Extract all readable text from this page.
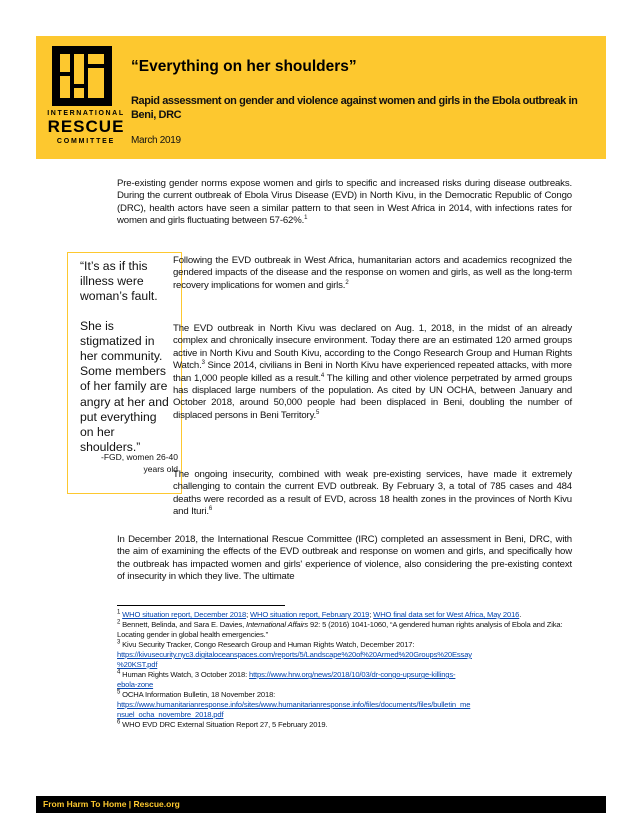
INTERNATIONAL
RESCUE
COMMITTEE
“Everything on her shoulders”
Rapid assessment on gender and violence against women and girls in the Ebola outbreak in Beni, DRC
March 2019

Pre-existing gender norms expose women and girls to specific and increased risks during disease outbreaks. During the current outbreak of Ebola Virus Disease (EVD) in North Kivu, in the Democratic Republic of Congo (DRC), health actors have seen a similar pattern to that seen in West Africa in 2014, with infections rates for women and girls fluctuating between 57-62%.$^1$

“It’s as if this
illness were
woman’s fault.
She is
stigmatized in
her community.
Some members
of her family are
angry at her and
put everything
on her
shoulders.”
-FGD, women 26-40
years old

Following the EVD outbreak in West Africa, humanitarian actors and academics recognized the gendered impacts of the disease and the response on women and girls, as well as the long-term recovery implications for women and girls.$^2$

The EVD outbreak in North Kivu was declared on Aug. 1, 2018, in the midst of an already complex and chronically insecure environment. Today there are an estimated 120 armed groups active in North Kivu and South Kivu, according to the Congo Research Group and Human Rights Watch.$^3$ Since 2014, civilians in Beni in North Kivu have experienced repeated attacks, with more than 1,000 people killed as a result.$^4$ The killing and other violence perpetrated by armed groups has displaced large numbers of the population. As cited by UN OCHA, between January and October 2018, around 50,000 people had been displaced in Beni, doubling the number of displaced persons in Beni Territory.$^5$

The ongoing insecurity, combined with weak pre-existing services, have made it extremely challenging to contain the current EVD outbreak. By February 3, a total of 785 cases and 484 deaths were recorded as a result of EVD, across 18 health zones in the provinces of North Kivu and Ituri.$^6$

In December 2018, the International Rescue Committee (IRC) completed an assessment in Beni, DRC, with the aim of examining the effects of the EVD outbreak and response on women and girls, and specifically how the outbreak has impacted women and girls' experience of violence, also considering the pre-existing context of insecurity in which they live. The ultimate

$^1$ WHO situation report, December 2018; WHO situation report, February 2019; WHO final data set for West Africa, May 2016.
$^2$ Bennett, Belinda, and Sara E. Davies, International Affairs 92: 5 (2016) 1041-1060, “A gendered human rights analysis of Ebola and Zika: Locating gender in global health emergencies.”
$^3$ Kivu Security Tracker, Congo Research Group and Human Rights Watch, December 2017:
https://kivusecurity.nyc3.digitaloceanspaces.com/reports/5/Landscape%20of%20Armed%20Groups%20Essay
%20KST.pdf
$^4$ Human Rights Watch, 3 October 2018: https://www.hrw.org/news/2018/10/03/dr-congo-upsurge-killings-
ebola-zone
$^5$ OCHA Information Bulletin, 18 November 2018:
https://www.humanitarianresponse.info/sites/www.humanitarianresponse.info/files/documents/files/bulletin_me
nsuel_ocha_novembre_2018.pdf
$^6$ WHO EVD DRC External Situation Report 27, 5 February 2019.
From Harm To Home | Rescue.org
